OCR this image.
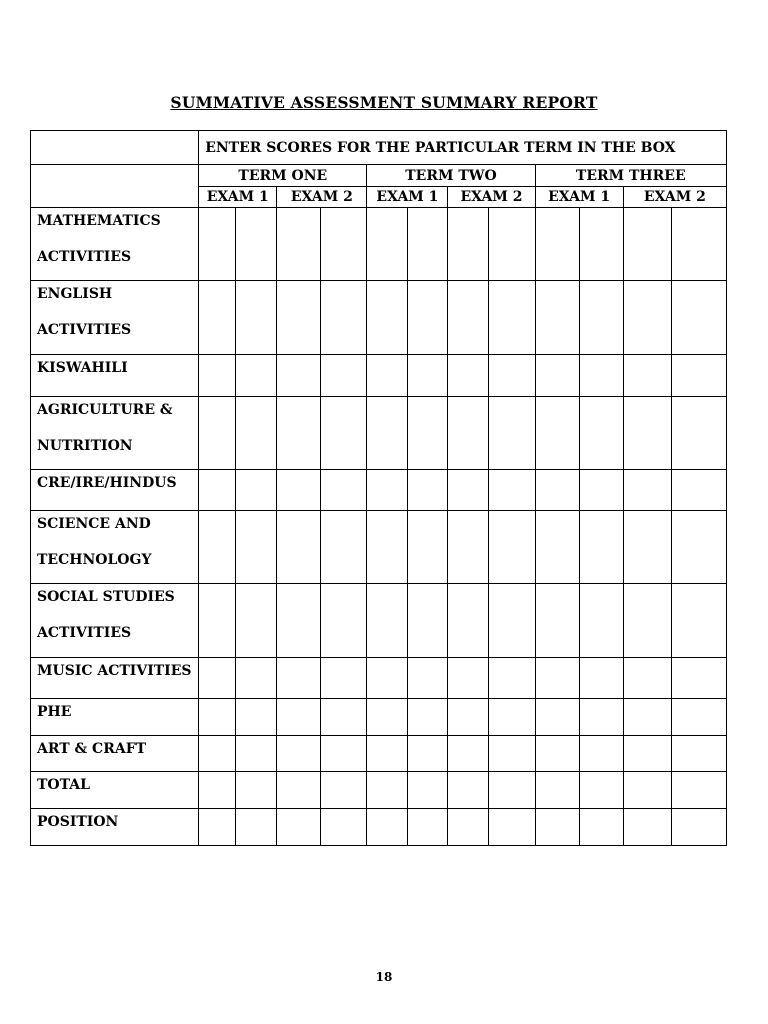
SUMMATIVE ASSESSMENT SUMMARY REPORT
	ENTER SCORES FOR THE PARTICULAR TERM IN THE BOX											
	TERM ONE				TERM TWO				TERM THREE			
	EXAM 1		EXAM 2		EXAM 1		EXAM 2		EXAM 1		EXAM 2	

MATHEMATICS
ACTIVITIES												

ENGLISH
ACTIVITIES												

KISWAHILI												

AGRICULTURE &
NUTRITION												

CRE/IRE/HINDUS												

SCIENCE AND
TECHNOLOGY												

SOCIAL STUDIES
ACTIVITIES												

MUSIC ACTIVITIES												

PHE												

ART & CRAFT												

TOTAL												

POSITION												

18
